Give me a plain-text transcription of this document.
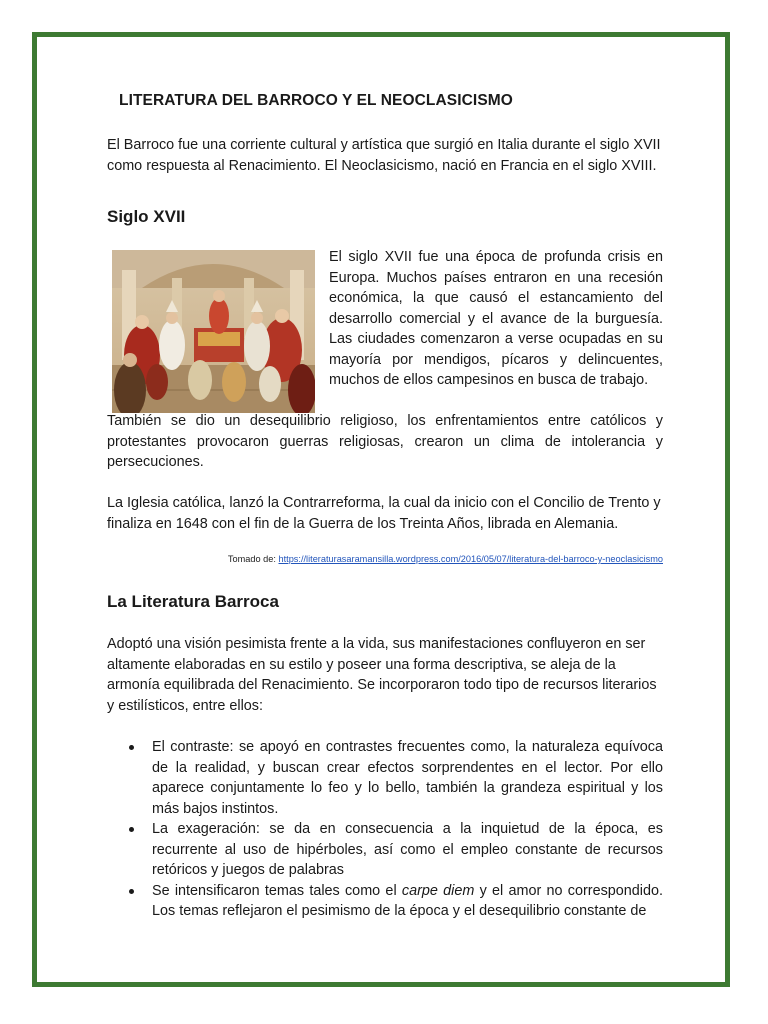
LITERATURA DEL BARROCO Y EL NEOCLASICISMO

El Barroco fue una corriente cultural y artística que surgió en Italia durante el siglo XVII como respuesta al Renacimiento. El Neoclasicismo, nació en Francia en el siglo XVIII.

Siglo XVII

El siglo XVII fue una época de profunda crisis en Europa. Muchos países entraron en una recesión económica, la que causó el estancamiento del desarrollo comercial y el avance de la burguesía. Las ciudades comenzaron a verse ocupadas en su mayoría por mendigos, pícaros y delincuentes, muchos de ellos campesinos en busca de trabajo.

También se dio un desequilibrio religioso, los enfrentamientos entre católicos y protestantes provocaron guerras religiosas, crearon un clima de intolerancia y persecuciones.

La Iglesia católica, lanzó la Contrarreforma, la cual da inicio con el Concilio de Trento y finaliza en 1648 con el fin de la Guerra de los Treinta Años, librada en Alemania.

Tomado de: https://literaturasaramansilla.wordpress.com/2016/05/07/literatura-del-barroco-y-neoclasicismo
La Literatura Barroca

Adoptó una visión pesimista frente a la vida, sus manifestaciones confluyeron en ser altamente elaboradas en su estilo y poseer una forma descriptiva, se aleja de la armonía equilibrada del Renacimiento. Se incorporaron todo tipo de recursos literarios y estilísticos, entre ellos:

El contraste: se apoyó en contrastes frecuentes como, la naturaleza equívoca de la realidad, y buscan crear efectos sorprendentes en el lector. Por ello aparece conjuntamente lo feo y lo bello, también la grandeza espiritual y los más bajos instintos.
La exageración: se da en consecuencia a la inquietud de la época, es recurrente al uso de hipérboles, así como el empleo constante de recursos retóricos y juegos de palabras
Se intensificaron temas tales como el carpe diem y el amor no correspondido. Los temas reflejaron el pesimismo de la época y el desequilibrio constante de
